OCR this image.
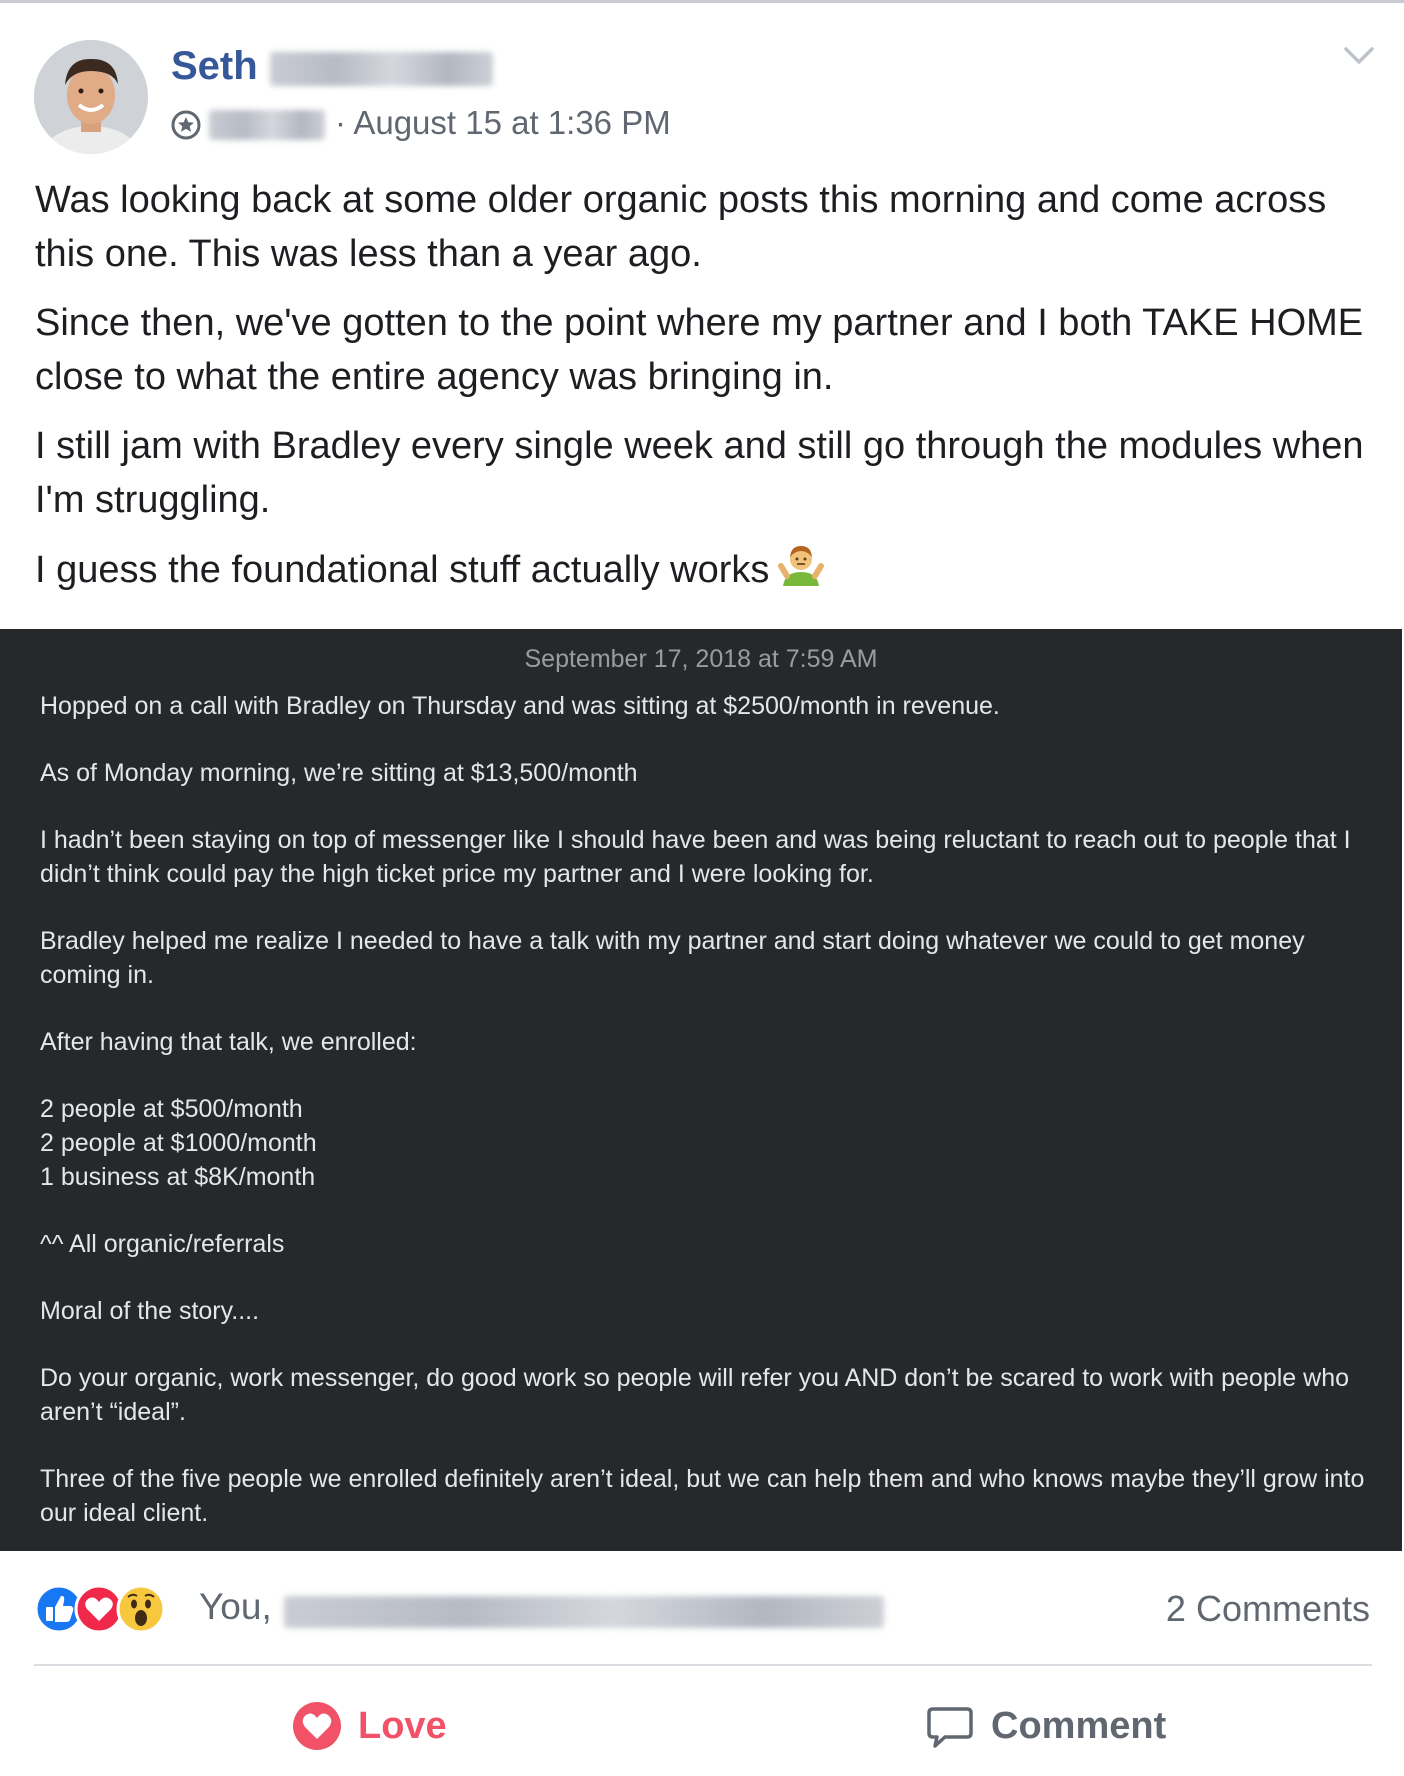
Seth
· August 15 at 1:36 PM

Was looking back at some older organic posts this morning and come across this one. This was less than a year ago.

Since then, we've gotten to the point where my partner and I both TAKE HOME close to what the entire agency was bringing in.

I still jam with Bradley every single week and still go through the modules when I'm struggling.

I guess the foundational stuff actually works

September 17, 2018 at 7:59 AM

Hopped on a call with Bradley on Thursday and was sitting at $2500/month in revenue.

As of Monday morning, we’re sitting at $13,500/month

I hadn’t been staying on top of messenger like I should have been and was being reluctant to reach out to people that I didn’t think could pay the high ticket price my partner and I were looking for.

Bradley helped me realize I needed to have a talk with my partner and start doing whatever we could to get money coming in.

After having that talk, we enrolled:

2 people at $500/month

2 people at $1000/month

1 business at $8K/month

^^ All organic/referrals

Moral of the story....

Do your organic, work messenger, do good work so people will refer you AND don’t be scared to work with people who aren’t “ideal”.

Three of the five people we enrolled definitely aren’t ideal, but we can help them and who knows maybe they’ll grow into our ideal client.

You,	2 Comments
Love	Comment
